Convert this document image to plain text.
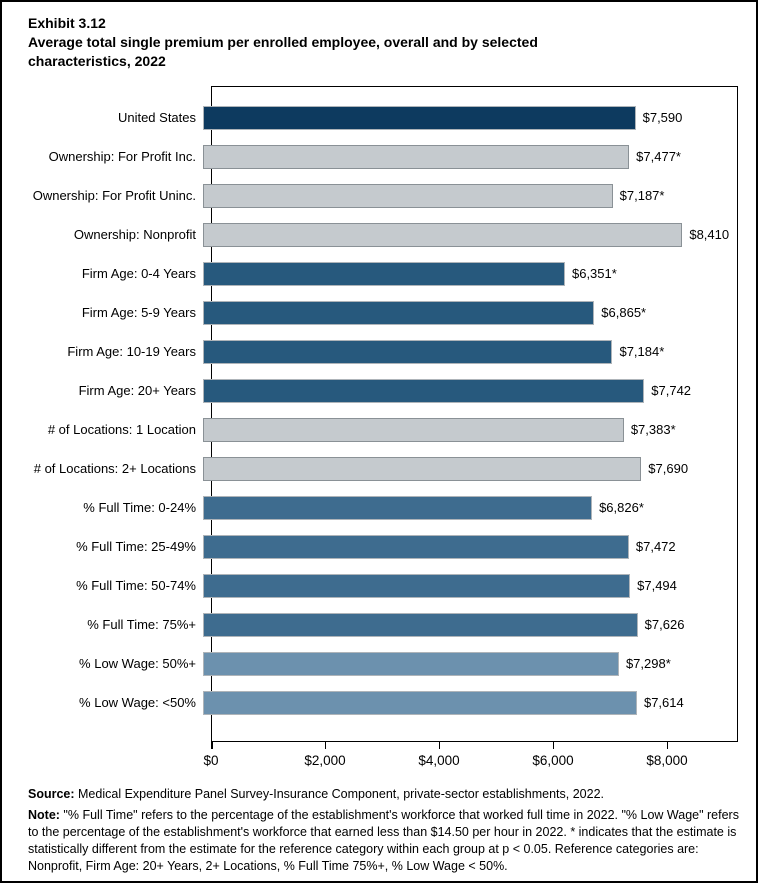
Exhibit 3.12
Average total single premium per enrolled employee, overall and by selected characteristics, 2022
United States	$7,590
Ownership: For Profit Inc.	$7,477*
Ownership: For Profit Uninc.	$7,187*
Ownership: Nonprofit	$8,410
Firm Age: 0-4 Years	$6,351*
Firm Age: 5-9 Years	$6,865*
Firm Age: 10-19 Years	$7,184*
Firm Age: 20+ Years	$7,742
# of Locations: 1 Location	$7,383*
# of Locations: 2+ Locations	$7,690
% Full Time: 0-24%	$6,826*
% Full Time: 25-49%	$7,472
% Full Time: 50-74%	$7,494
% Full Time: 75%+	$7,626
% Low Wage: 50%+	$7,298*
% Low Wage: <50%	$7,614
$0	$2,000	$4,000	$6,000	$8,000
Source: Medical Expenditure Panel Survey-Insurance Component, private-sector establishments, 2022.
Note: "% Full Time" refers to the percentage of the establishment's workforce that worked full time in 2022. "% Low Wage" refers to the percentage of the establishment's workforce that earned less than $14.50 per hour in 2022. * indicates that the estimate is statistically different from the estimate for the reference category within each group at p < 0.05. Reference categories are: Nonprofit, Firm Age: 20+ Years, 2+ Locations, % Full Time 75%+, % Low Wage < 50%.
